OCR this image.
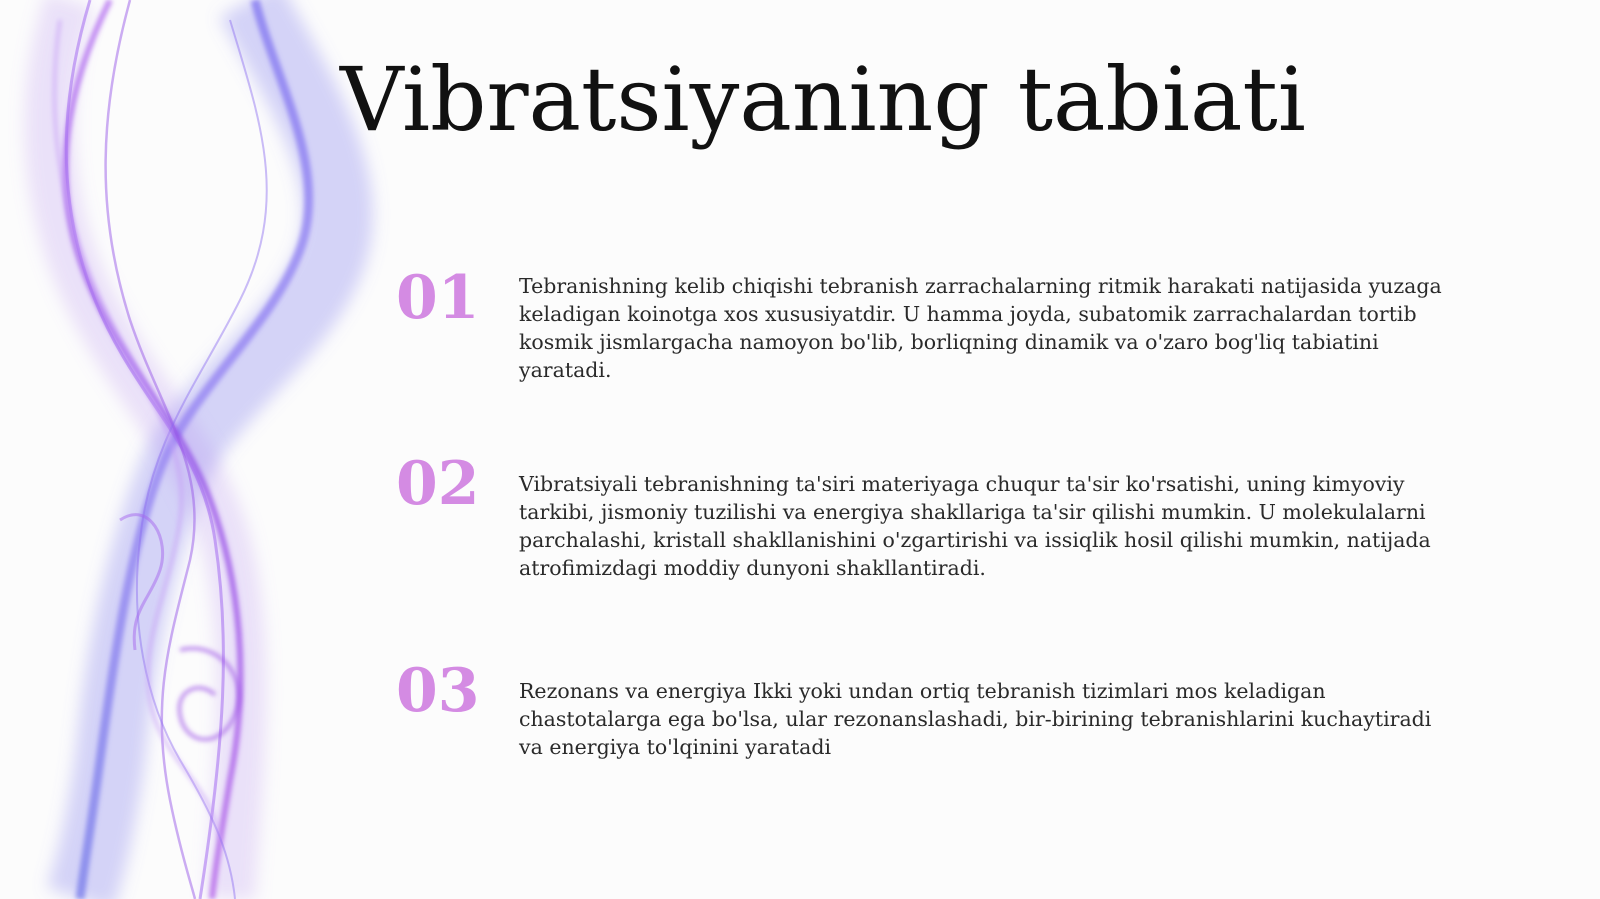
Vibratsiyaning tabiati
01 Tebranishning kelib chiqishi tebranish zarrachalarning ritmik harakati natijasida yuzaga keladigan koinotga xos xususiyatdir. U hamma joyda, subatomik zarrachalardan tortib kosmik jismlargacha namoyon bo'lib, borliqning dinamik va o'zaro bog'liq tabiatini yaratadi.

02 Vibratsiyali tebranishning ta'siri materiyaga chuqur ta'sir ko'rsatishi, uning kimyoviy tarkibi, jismoniy tuzilishi va energiya shakllariga ta'sir qilishi mumkin. U molekulalarni parchalashi, kristall shakllanishini o'zgartirishi va issiqlik hosil qilishi mumkin, natijada atrofimizdagi moddiy dunyoni shakllantiradi.

03 Rezonans va energiya Ikki yoki undan ortiq tebranish tizimlari mos keladigan chastotalarga ega bo'lsa, ular rezonanslashadi, bir-birining tebranishlarini kuchaytiradi va energiya to'lqinini yaratadi
